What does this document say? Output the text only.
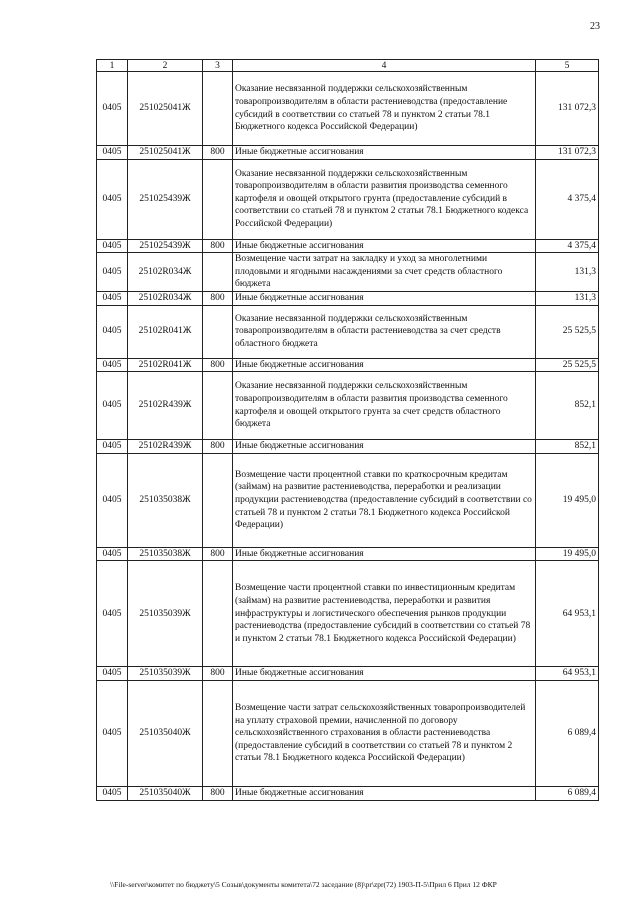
23
1	2	3	4	5
0405	251025041Ж		Оказание несвязанной поддержки сельскохозяйственным товаропроизводителям в области растениеводства (предоставление субсидий в соответствии со статьей 78 и пунктом 2 статьи 78.1 Бюджетного кодекса Российской Федерации)	131 072,3
0405	251025041Ж	800	Иные бюджетные ассигнования	131 072,3
0405	251025439Ж		Оказание несвязанной поддержки сельскохозяйственным товаропроизводителям в области развития производства семенного картофеля и овощей открытого грунта (предоставление субсидий в соответствии со статьей 78 и пунктом 2 статьи 78.1 Бюджетного кодекса Российской Федерации)	4 375,4
0405	251025439Ж	800	Иные бюджетные ассигнования	4 375,4
0405	25102R034Ж		Возмещение части затрат на закладку и уход за многолетними плодовыми и ягодными насаждениями за счет средств областного бюджета	131,3
0405	25102R034Ж	800	Иные бюджетные ассигнования	131,3
0405	25102R041Ж		Оказание несвязанной поддержки сельскохозяйственным товаропроизводителям в области растениеводства за счет средств областного бюджета	25 525,5
0405	25102R041Ж	800	Иные бюджетные ассигнования	25 525,5
0405	25102R439Ж		Оказание несвязанной поддержки сельскохозяйственным товаропроизводителям в области развития производства семенного картофеля и овощей открытого грунта за счет средств областного бюджета	852,1
0405	25102R439Ж	800	Иные бюджетные ассигнования	852,1
0405	251035038Ж		Возмещение части процентной ставки по краткосрочным кредитам (займам) на развитие растениеводства, переработки и реализации продукции растениеводства (предоставление субсидий в соответствии со статьей 78 и пунктом 2 статьи 78.1 Бюджетного кодекса Российской Федерации)	19 495,0
0405	251035038Ж	800	Иные бюджетные ассигнования	19 495,0
0405	251035039Ж		Возмещение части процентной ставки по инвестиционным кредитам (займам) на развитие растениеводства, переработки и развития инфраструктуры и логистического обеспечения рынков продукции растениеводства (предоставление субсидий в соответствии со статьей 78 и пунктом 2 статьи 78.1 Бюджетного кодекса Российской Федерации)	64 953,1
0405	251035039Ж	800	Иные бюджетные ассигнования	64 953,1
0405	251035040Ж		Возмещение части затрат сельскохозяйственных товаропроизводителей на уплату страховой премии, начисленной по договору сельскохозяйственного страхования в области растениеводства (предоставление субсидий в соответствии со статьей 78 и пунктом 2 статьи 78.1 Бюджетного кодекса Российской Федерации)	6 089,4
0405	251035040Ж	800	Иные бюджетные ассигнования	6 089,4
\\File-server\комитет по бюджету\5 Созыв\документы комитета\72 заседание (8)\pr\zpr(72) 1903-П-5\Прил 6 Прил 12 ФКР
